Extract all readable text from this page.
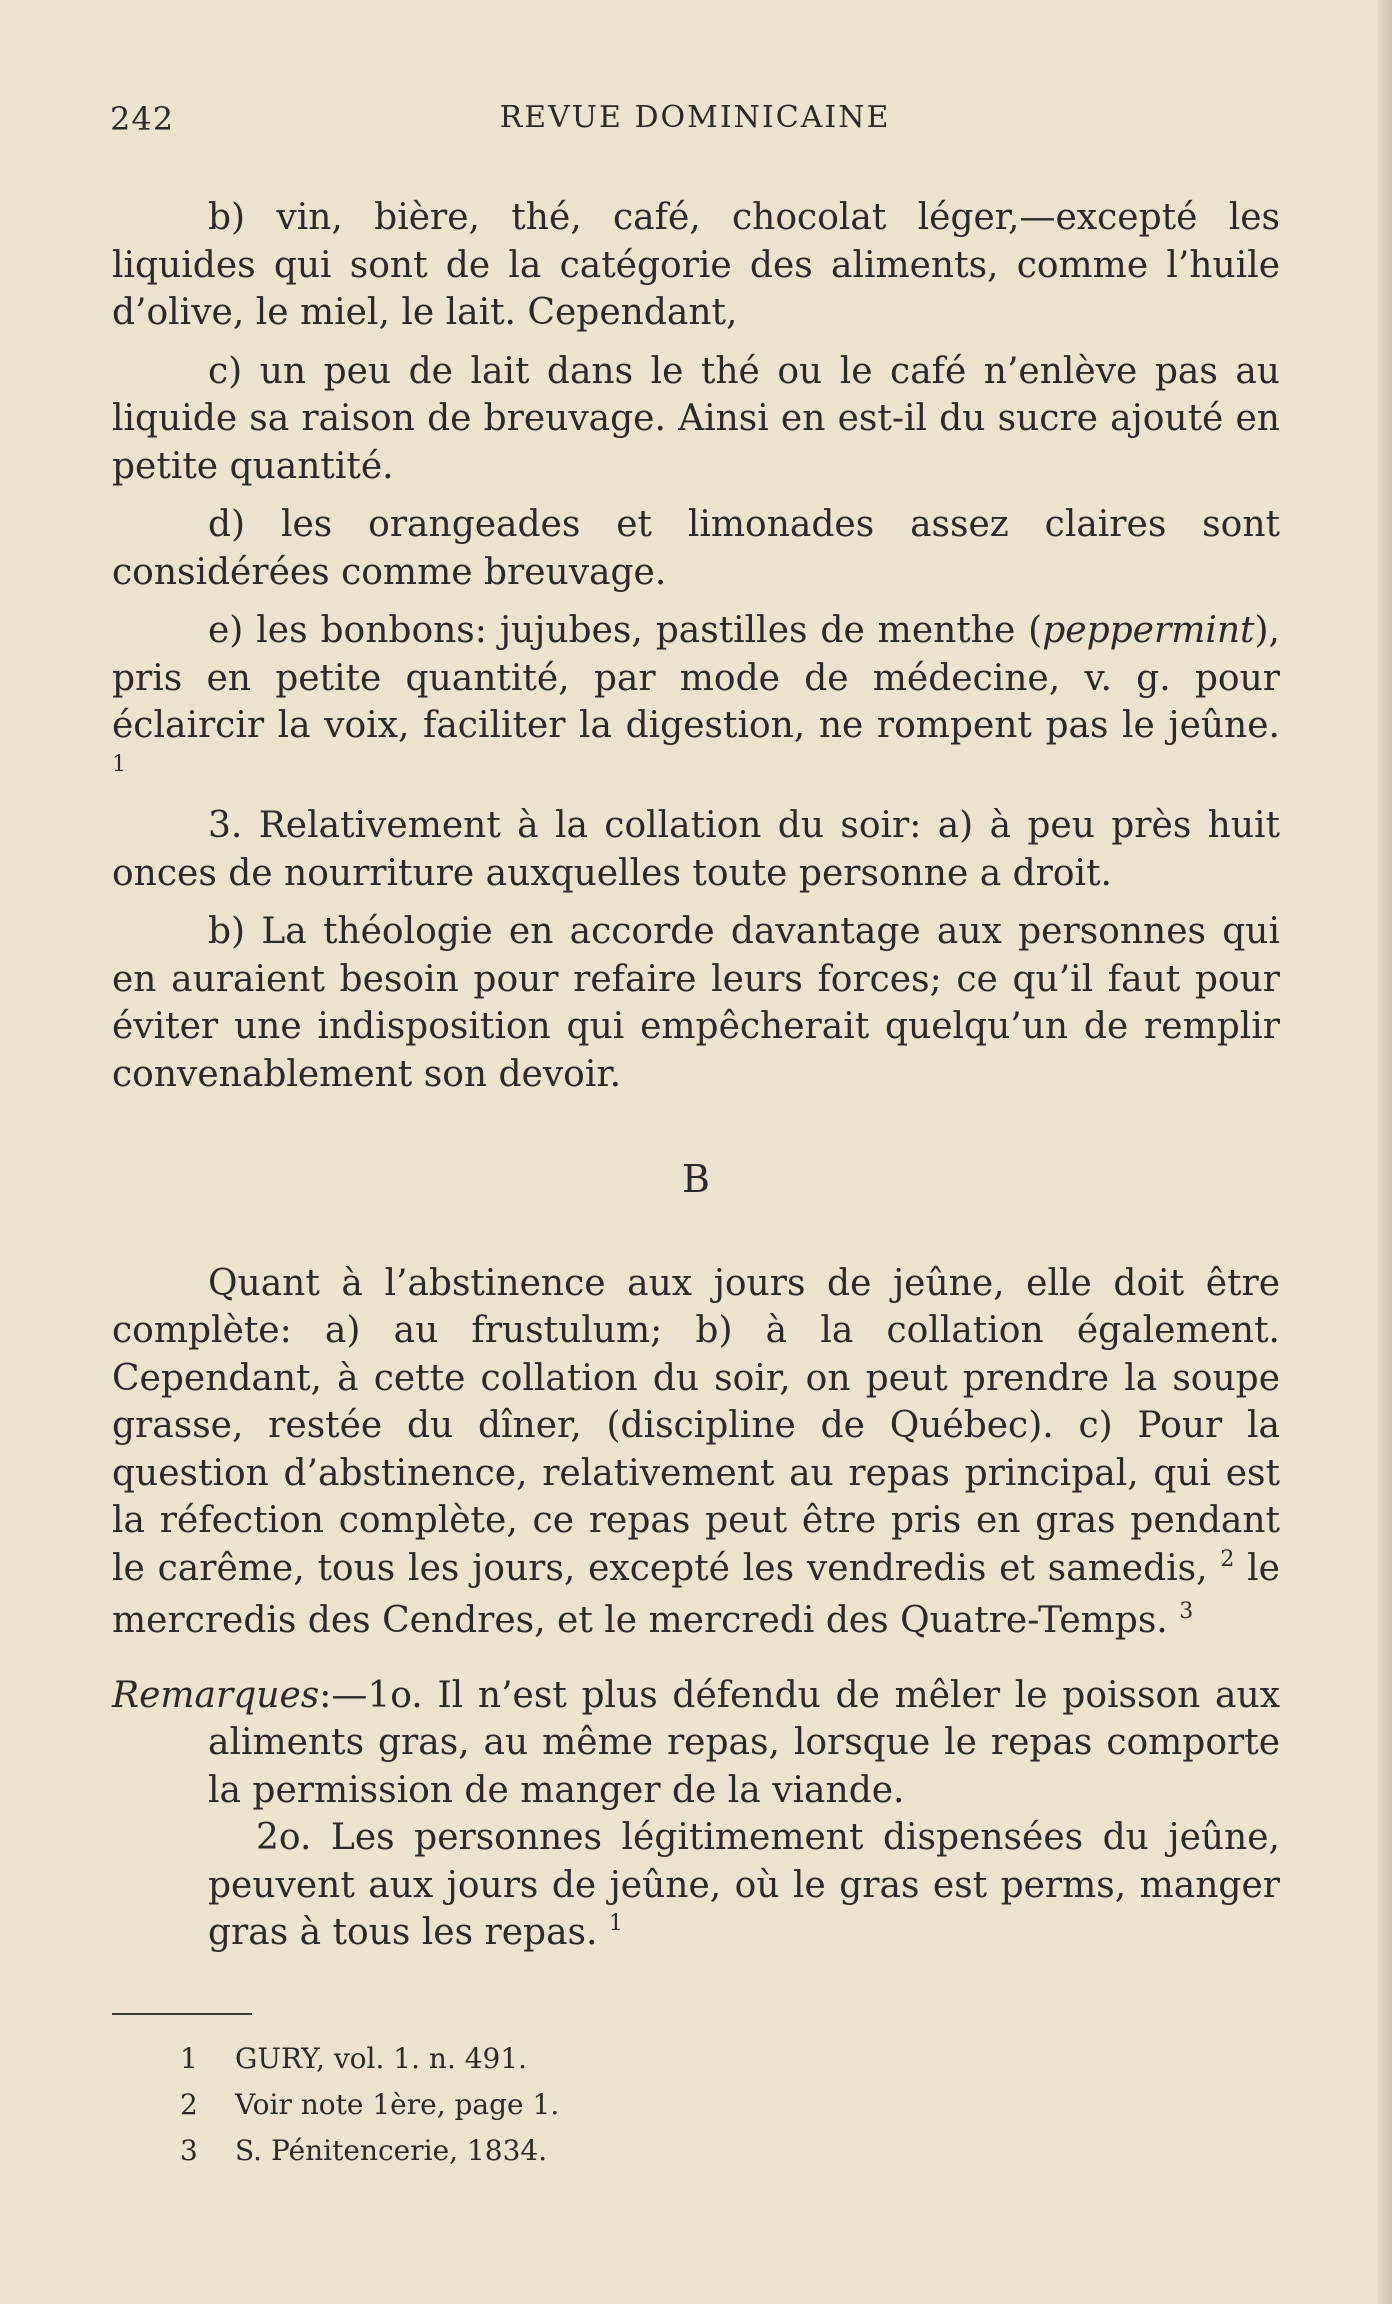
242	REVUE DOMINICAINE

b) vin, bière, thé, café, chocolat léger,—excepté les liquides qui sont de la catégorie des aliments, comme l’huile d’olive, le miel, le lait. Cependant,

c) un peu de lait dans le thé ou le café n’enlève pas au liquide sa raison de breuvage. Ainsi en est-il du sucre ajouté en petite quantité.

d) les orangeades et limonades assez claires sont considérées comme breuvage.

e) les bonbons: jujubes, pastilles de menthe (peppermint), pris en petite quantité, par mode de médecine, v. g. pour éclaircir la voix, faciliter la digestion, ne rompent pas le jeûne. $^1$

3. Relativement à la collation du soir: a) à peu près huit onces de nourriture auxquelles toute personne a droit.

b) La théologie en accorde davantage aux personnes qui en auraient besoin pour refaire leurs forces; ce qu’il faut pour éviter une indisposition qui empêcherait quelqu’un de remplir convenablement son devoir.

B

Quant à l’abstinence aux jours de jeûne, elle doit être complète: a) au frustulum; b) à la collation également. Cependant, à cette collation du soir, on peut prendre la soupe grasse, restée du dîner, (discipline de Québec). c) Pour la question d’abstinence, relativement au repas principal, qui est la réfection complète, ce repas peut être pris en gras pendant le carême, tous les jours, excepté les vendredis et samedis, $^2$ le mercredis des Cendres, et le mercredi des Quatre-Temps. $^3$

Remarques:—1o. Il n’est plus défendu de mêler le poisson aux aliments gras, au même repas, lorsque le repas comporte la permission de manger de la viande.

2o. Les personnes légitimement dispensées du jeûne, peuvent aux jours de jeûne, où le gras est perms, manger gras à tous les repas. $^1$

1 GURY, vol. 1. n. 491.

2 Voir note 1ère, page 1.

3 S. Pénitencerie, 1834.
